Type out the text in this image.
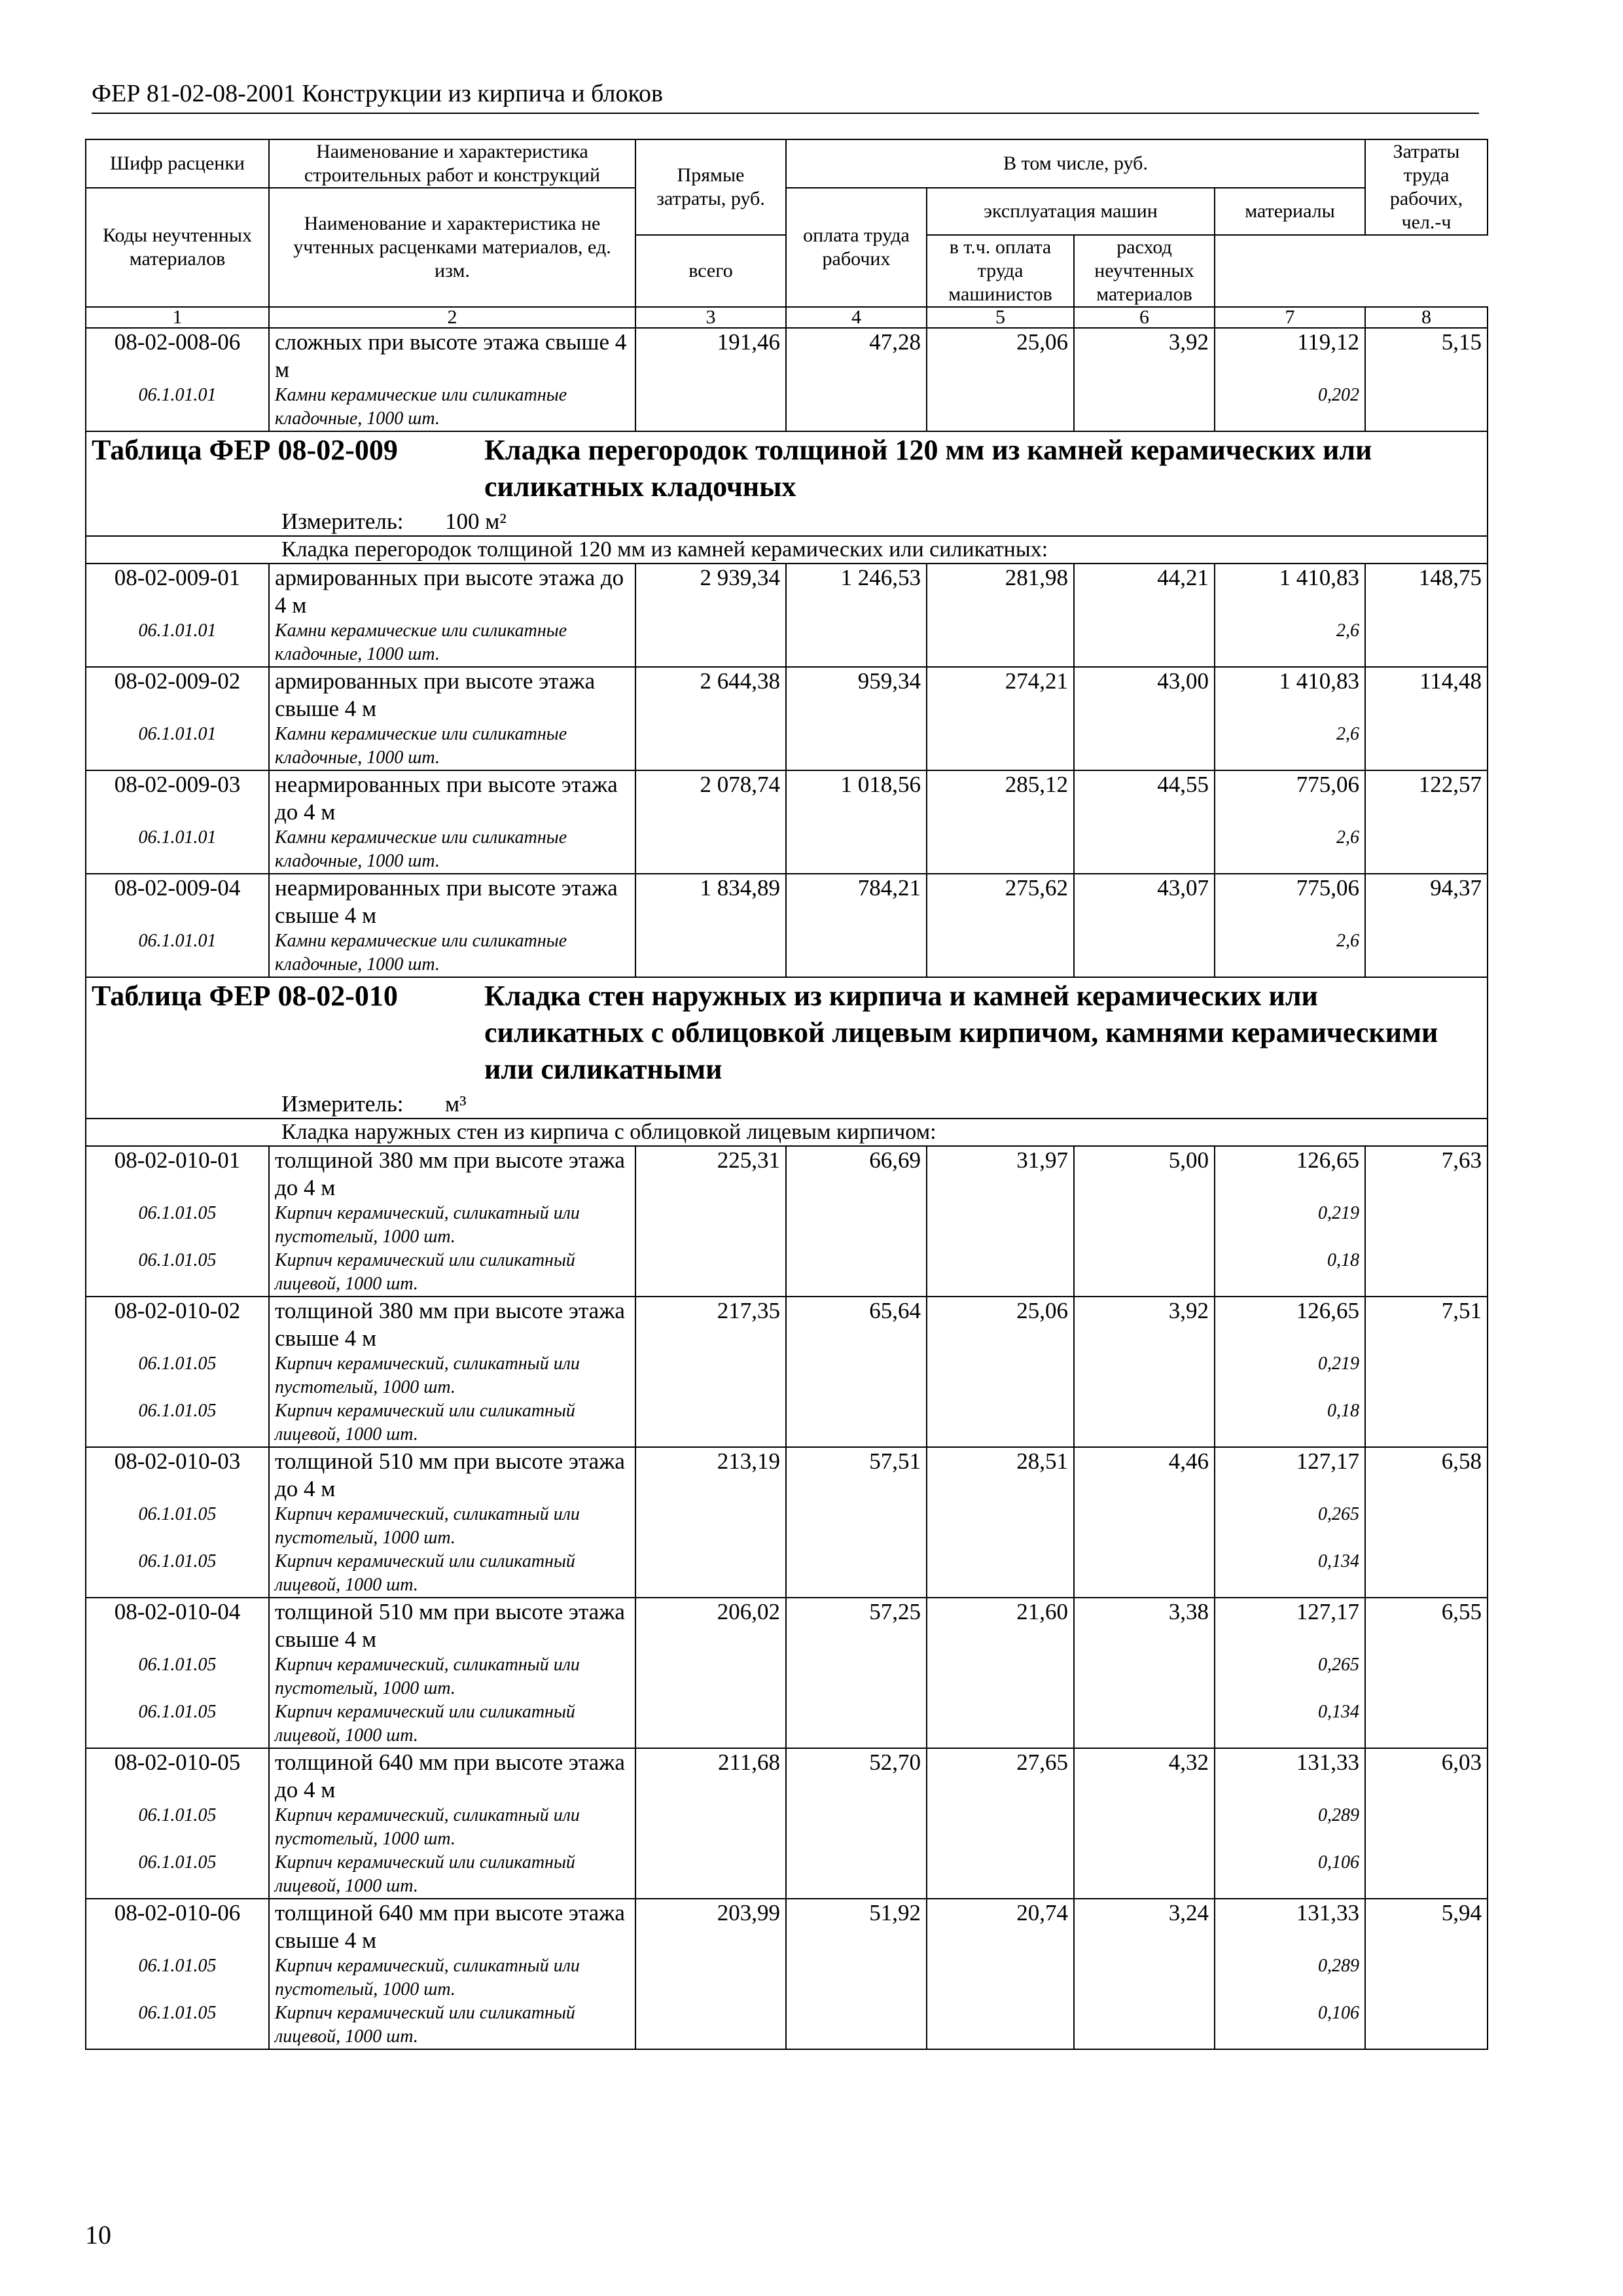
ФЕР 81-02-08-2001 Конструкции из кирпича и блоков
Шифр расценки	Наименование и характеристика строительных работ и конструкций	Прямые затраты, руб.	В том числе, руб.				Затраты труда рабочих, чел.-ч
Коды неучтенных материалов	Наименование и характеристика не учтенных расценками материалов, ед. изм.		оплата труда рабочих	эксплуатация машин		материалы	
		всего		в т.ч. оплата труда машинистов	расход неучтенных материалов		
1	2	3	4	5	6	7	8
08-02-008-06	сложных при высоте этажа свыше 4 м	191,46	47,28	25,06	3,92	119,12	5,15
06.1.01.01	Камни керамические или силикатные кладочные, 1000 шт.					0,202	

Таблица ФЕР 08-02-009 Кладка перегородок толщиной 120 мм из камней керамических или силикатных кладочных
Измеритель: 100 м²							

Кладка перегородок толщиной 120 мм из камней керамических или силикатных:							
08-02-009-01	армированных при высоте этажа до 4 м	2 939,34	1 246,53	281,98	44,21	1 410,83	148,75
06.1.01.01	Камни керамические или силикатные кладочные, 1000 шт.					2,6	
08-02-009-02	армированных при высоте этажа свыше 4 м	2 644,38	959,34	274,21	43,00	1 410,83	114,48
06.1.01.01	Камни керамические или силикатные кладочные, 1000 шт.					2,6	
08-02-009-03	неармированных при высоте этажа до 4 м	2 078,74	1 018,56	285,12	44,55	775,06	122,57
06.1.01.01	Камни керамические или силикатные кладочные, 1000 шт.					2,6	
08-02-009-04	неармированных при высоте этажа свыше 4 м	1 834,89	784,21	275,62	43,07	775,06	94,37
06.1.01.01	Камни керамические или силикатные кладочные, 1000 шт.					2,6	

Таблица ФЕР 08-02-010 Кладка стен наружных из кирпича и камней керамических или силикатных с облицовкой лицевым кирпичом, камнями керамическими или силикатными
Измеритель: м³							

Кладка наружных стен из кирпича с облицовкой лицевым кирпичом:							
08-02-010-01	толщиной 380 мм при высоте этажа до 4 м	225,31	66,69	31,97	5,00	126,65	7,63
06.1.01.05	Кирпич керамический, силикатный или пустотелый, 1000 шт.					0,219	
06.1.01.05	Кирпич керамический или силикатный лицевой, 1000 шт.					0,18	
08-02-010-02	толщиной 380 мм при высоте этажа свыше 4 м	217,35	65,64	25,06	3,92	126,65	7,51
06.1.01.05	Кирпич керамический, силикатный или пустотелый, 1000 шт.					0,219	
06.1.01.05	Кирпич керамический или силикатный лицевой, 1000 шт.					0,18	
08-02-010-03	толщиной 510 мм при высоте этажа до 4 м	213,19	57,51	28,51	4,46	127,17	6,58
06.1.01.05	Кирпич керамический, силикатный или пустотелый, 1000 шт.					0,265	
06.1.01.05	Кирпич керамический или силикатный лицевой, 1000 шт.					0,134	
08-02-010-04	толщиной 510 мм при высоте этажа свыше 4 м	206,02	57,25	21,60	3,38	127,17	6,55
06.1.01.05	Кирпич керамический, силикатный или пустотелый, 1000 шт.					0,265	
06.1.01.05	Кирпич керамический или силикатный лицевой, 1000 шт.					0,134	
08-02-010-05	толщиной 640 мм при высоте этажа до 4 м	211,68	52,70	27,65	4,32	131,33	6,03
06.1.01.05	Кирпич керамический, силикатный или пустотелый, 1000 шт.					0,289	
06.1.01.05	Кирпич керамический или силикатный лицевой, 1000 шт.					0,106	
08-02-010-06	толщиной 640 мм при высоте этажа свыше 4 м	203,99	51,92	20,74	3,24	131,33	5,94
06.1.01.05	Кирпич керамический, силикатный или пустотелый, 1000 шт.					0,289	
06.1.01.05	Кирпич керамический или силикатный лицевой, 1000 шт.					0,106	
10
